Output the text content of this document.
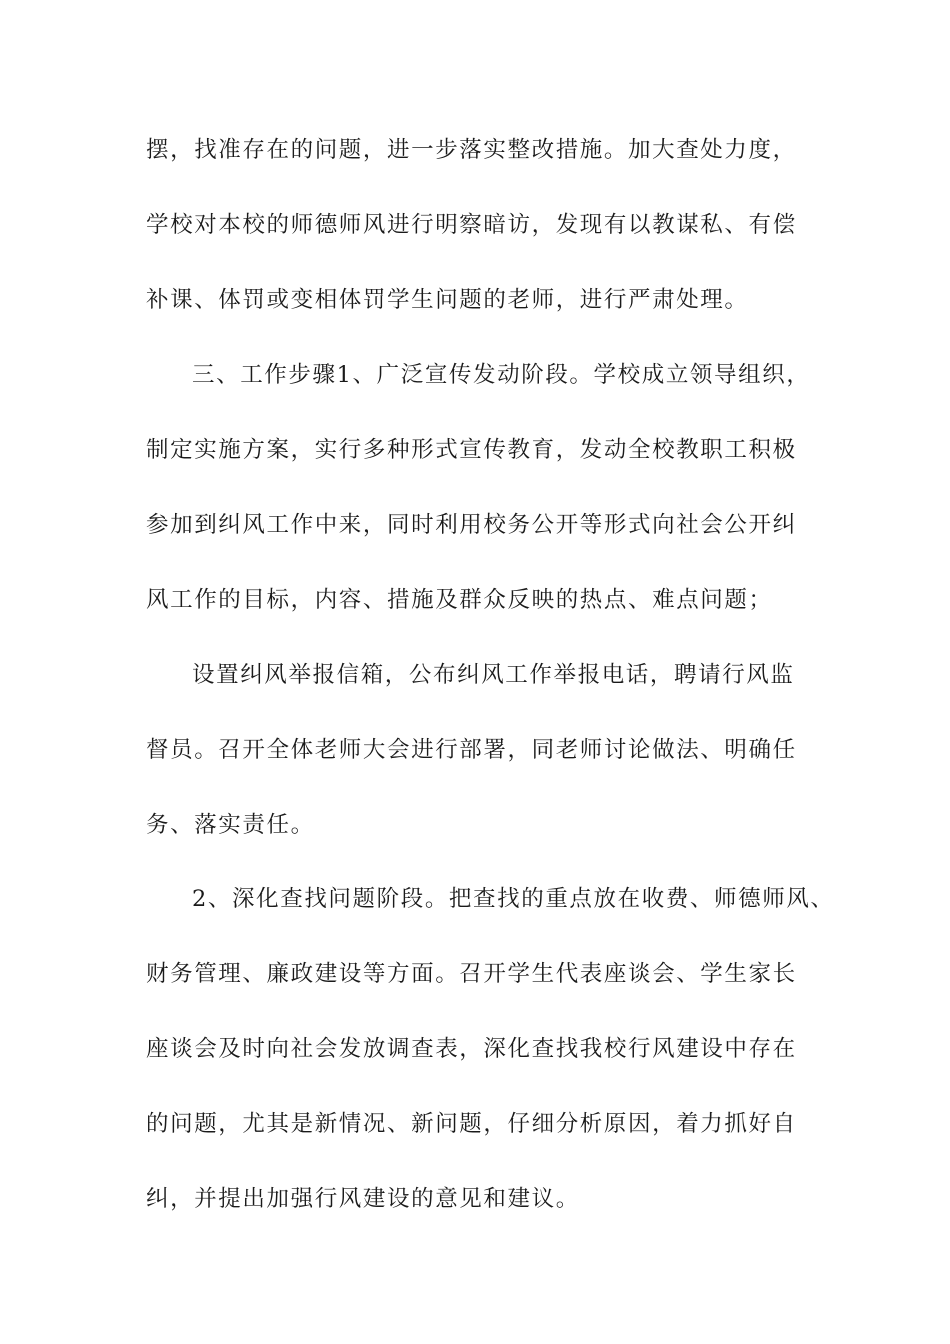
摆，找准存在的问题，进一步落实整改措施。加大查处力度，
学校对本校的师德师风进行明察暗访，发现有以教谋私、有偿
补课、体罚或变相体罚学生问题的老师，进行严肃处理。
三、工作步骤1、广泛宣传发动阶段。学校成立领导组织，
制定实施方案，实行多种形式宣传教育，发动全校教职工积极
参加到纠风工作中来，同时利用校务公开等形式向社会公开纠
风工作的目标，内容、措施及群众反映的热点、难点问题；
设置纠风举报信箱，公布纠风工作举报电话，聘请行风监
督员。召开全体老师大会进行部署，同老师讨论做法、明确任
务、落实责任。
2、深化查找问题阶段。把查找的重点放在收费、师德师风、
财务管理、廉政建设等方面。召开学生代表座谈会、学生家长
座谈会及时向社会发放调查表，深化查找我校行风建设中存在
的问题，尤其是新情况、新问题，仔细分析原因，着力抓好自
纠，并提出加强行风建设的意见和建议。
